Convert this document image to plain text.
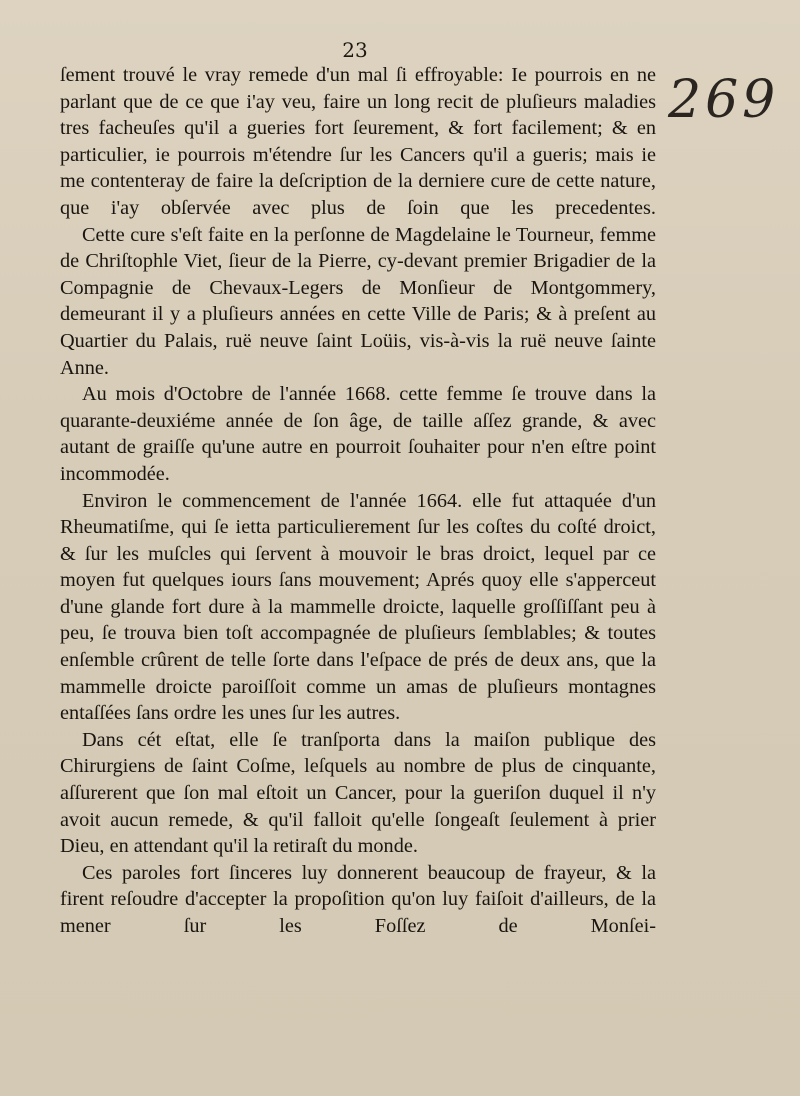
23
269

ſement trouvé le vray remede d'un mal ſi effroyable: Ie pourrois en ne parlant que de ce que i'ay veu, faire un long recit de pluſieurs maladies tres facheuſes qu'il a gueries fort ſeurement, & fort facilement; & en particulier, ie pourrois m'étendre ſur les Cancers qu'il a gueris; mais ie me contenteray de faire la deſcription de la derniere cure de cette nature, que i'ay obſervée avec plus de ſoin que les precedentes.

Cette cure s'eſt faite en la perſonne de Magdelaine le Tourneur, femme de Chriſtophle Viet, ſieur de la Pierre, cy-devant premier Brigadier de la Compagnie de Chevaux-Legers de Monſieur de Montgommery, demeurant il y a pluſieurs années en cette Ville de Paris; & à preſent au Quartier du Palais, ruë neuve ſaint Loüis, vis-à-vis la ruë neuve ſainte Anne.

Au mois d'Octobre de l'année 1668. cette femme ſe trouve dans la quarante-deuxiéme année de ſon âge, de taille aſſez grande, & avec autant de graiſſe qu'une autre en pourroit ſouhaiter pour n'en eſtre point incommodée.

Environ le commencement de l'année 1664. elle fut attaquée d'un Rheumatiſme, qui ſe ietta particulierement ſur les coſtes du coſté droict, & ſur les muſcles qui ſervent à mouvoir le bras droict, lequel par ce moyen fut quelques iours ſans mouvement; Aprés quoy elle s'apperceut d'une glande fort dure à la mammelle droicte, laquelle groſſiſſant peu à peu, ſe trouva bien toſt accompagnée de pluſieurs ſemblables; & toutes enſemble crûrent de telle ſorte dans l'eſpace de prés de deux ans, que la mammelle droicte paroiſſoit comme un amas de pluſieurs montagnes entaſſées ſans ordre les unes ſur les autres.

Dans cét eſtat, elle ſe tranſporta dans la maiſon publique des Chirurgiens de ſaint Coſme, leſquels au nombre de plus de cinquante, aſſurerent que ſon mal eſtoit un Cancer, pour la gueriſon duquel il n'y avoit aucun remede, & qu'il falloit qu'elle ſongeaſt ſeulement à prier Dieu, en attendant qu'il la retiraſt du monde.

Ces paroles fort ſinceres luy donnerent beaucoup de frayeur, & la firent reſoudre d'accepter la propoſition qu'on luy faiſoit d'ailleurs, de la mener ſur les Foſſez de Monſei-
